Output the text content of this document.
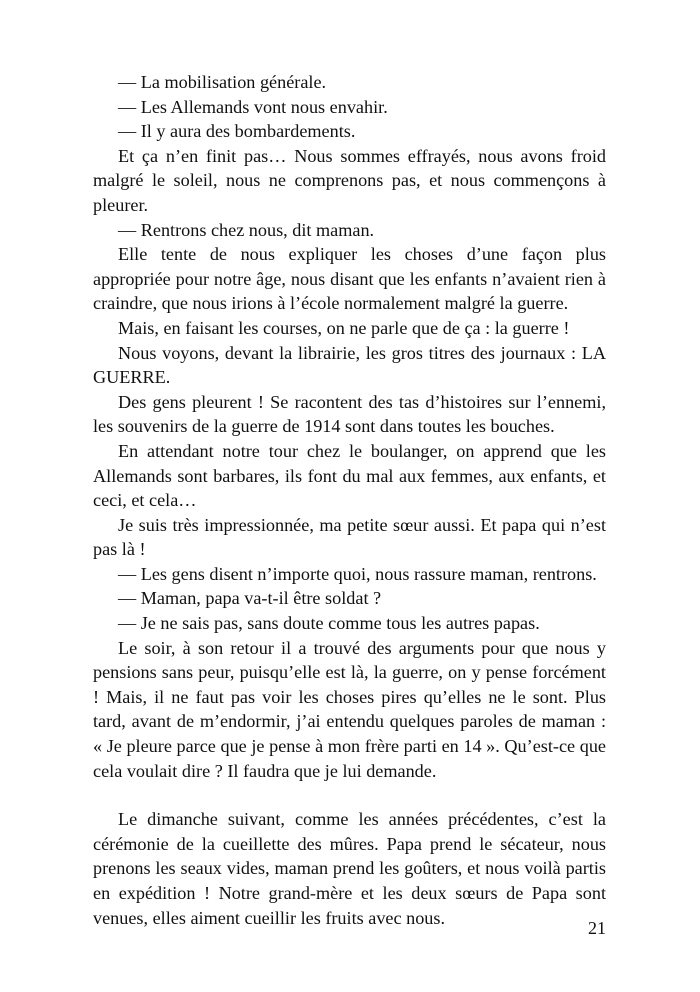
— La mobilisation générale.

— Les Allemands vont nous envahir.

— Il y aura des bombardements.

Et ça n’en finit pas… Nous sommes effrayés, nous avons froid malgré le soleil, nous ne comprenons pas, et nous commençons à pleurer.

— Rentrons chez nous, dit maman.

Elle tente de nous expliquer les choses d’une façon plus appropriée pour notre âge, nous disant que les enfants n’avaient rien à craindre, que nous irions à l’école normalement malgré la guerre.

Mais, en faisant les courses, on ne parle que de ça : la guerre !

Nous voyons, devant la librairie, les gros titres des journaux : LA GUERRE.

Des gens pleurent ! Se racontent des tas d’histoires sur l’ennemi, les souvenirs de la guerre de 1914 sont dans toutes les bouches.

En attendant notre tour chez le boulanger, on apprend que les Allemands sont barbares, ils font du mal aux femmes, aux enfants, et ceci, et cela…

Je suis très impressionnée, ma petite sœur aussi. Et papa qui n’est pas là !

— Les gens disent n’importe quoi, nous rassure maman, rentrons.

— Maman, papa va-t-il être soldat ?

— Je ne sais pas, sans doute comme tous les autres papas.

Le soir, à son retour il a trouvé des arguments pour que nous y pensions sans peur, puisqu’elle est là, la guerre, on y pense forcément ! Mais, il ne faut pas voir les choses pires qu’elles ne le sont. Plus tard, avant de m’endormir, j’ai entendu quelques paroles de maman : « Je pleure parce que je pense à mon frère parti en 14 ». Qu’est-ce que cela voulait dire ? Il faudra que je lui demande.

Le dimanche suivant, comme les années précédentes, c’est la cérémonie de la cueillette des mûres. Papa prend le sécateur, nous prenons les seaux vides, maman prend les goûters, et nous voilà partis en expédition ! Notre grand-mère et les deux sœurs de Papa sont venues, elles aiment cueillir les fruits avec nous.

21
